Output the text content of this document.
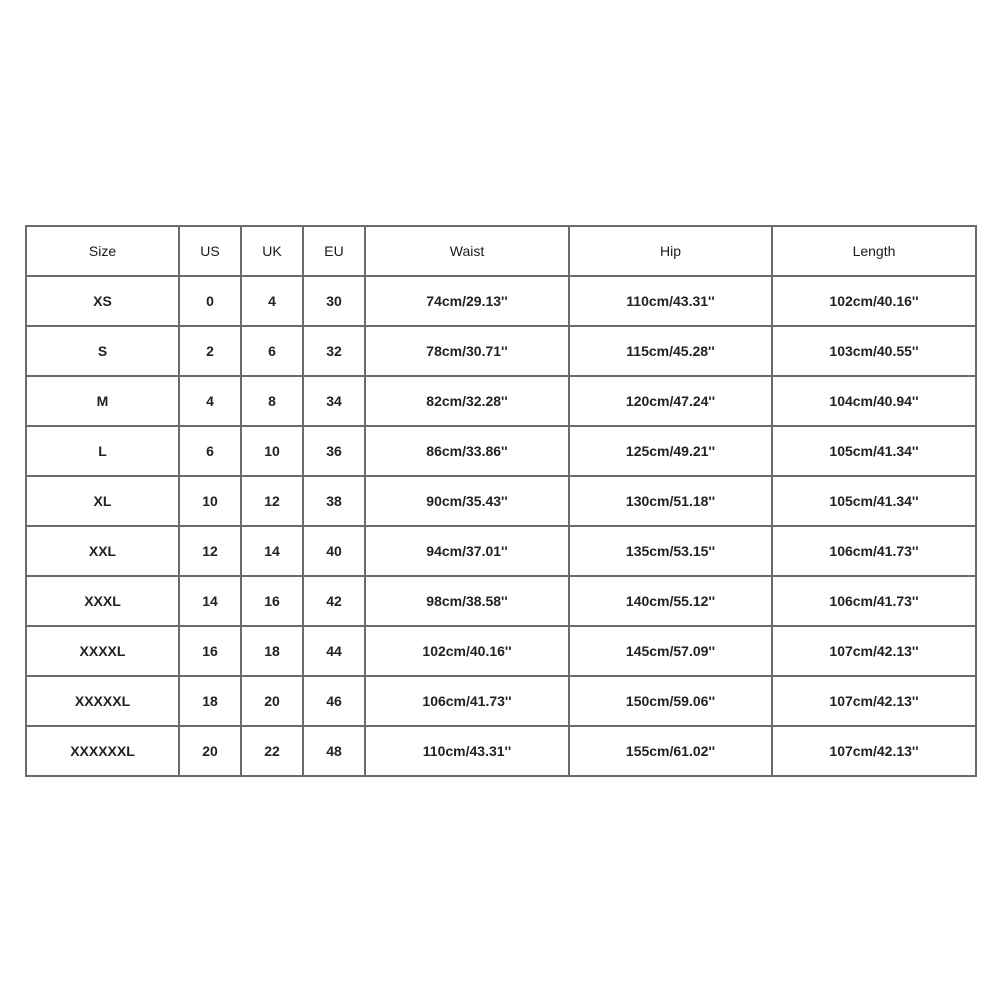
Size	US	UK	EU	Waist	Hip	Length
XS	0	4	30	74cm/29.13''	110cm/43.31''	102cm/40.16''
S	2	6	32	78cm/30.71''	115cm/45.28''	103cm/40.55''
M	4	8	34	82cm/32.28''	120cm/47.24''	104cm/40.94''
L	6	10	36	86cm/33.86''	125cm/49.21''	105cm/41.34''
XL	10	12	38	90cm/35.43''	130cm/51.18''	105cm/41.34''
XXL	12	14	40	94cm/37.01''	135cm/53.15''	106cm/41.73''
XXXL	14	16	42	98cm/38.58''	140cm/55.12''	106cm/41.73''
XXXXL	16	18	44	102cm/40.16''	145cm/57.09''	107cm/42.13''
XXXXXL	18	20	46	106cm/41.73''	150cm/59.06''	107cm/42.13''
XXXXXXL	20	22	48	110cm/43.31''	155cm/61.02''	107cm/42.13''
